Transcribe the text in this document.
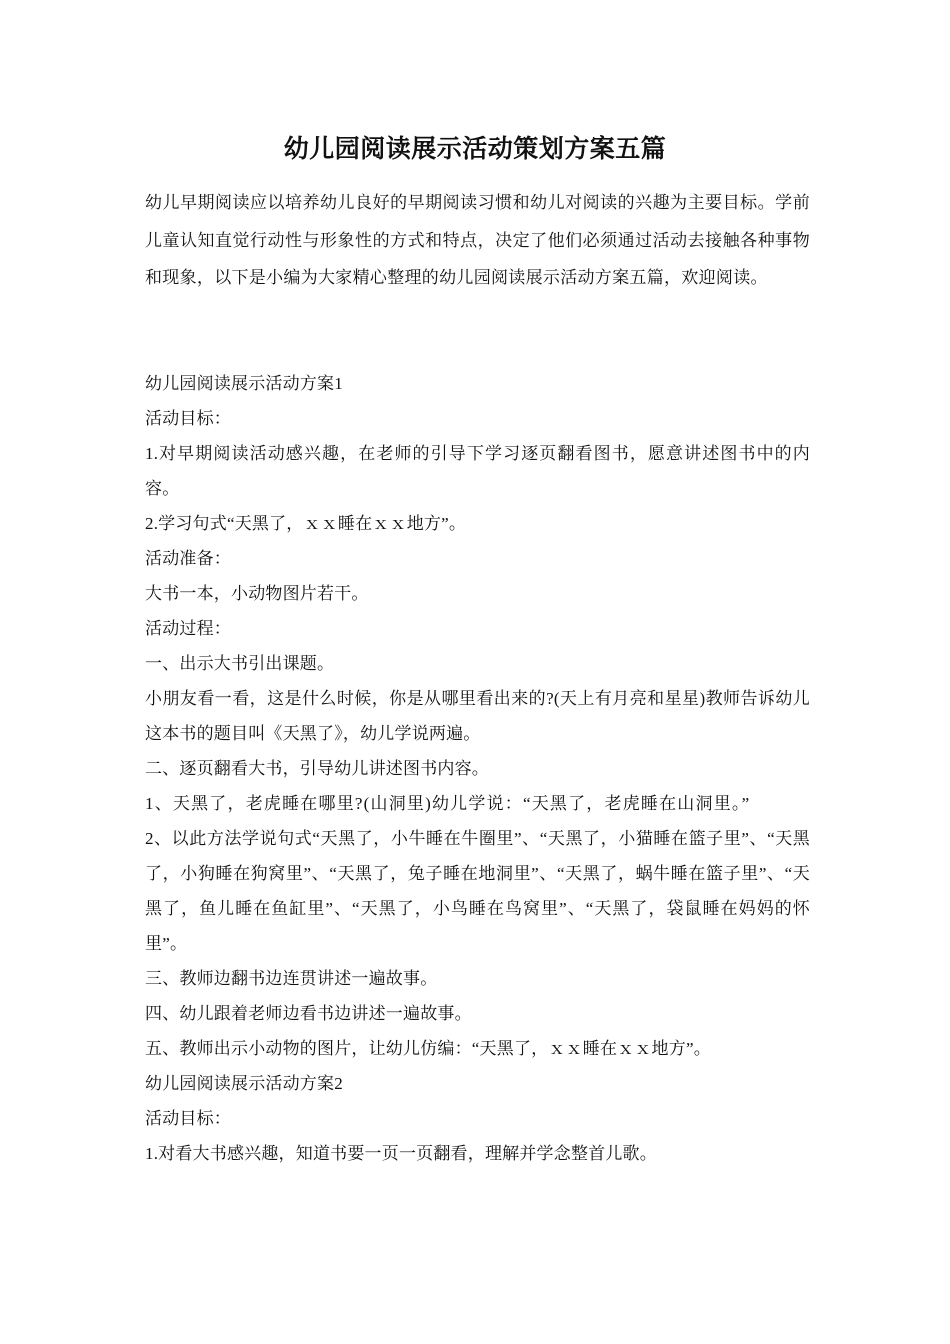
幼儿园阅读展示活动策划方案五篇

幼儿早期阅读应以培养幼儿良好的早期阅读习惯和幼儿对阅读的兴趣为主要目标。学前儿童认知直觉行动性与形象性的方式和特点，决定了他们必须通过活动去接触各种事物和现象，以下是小编为大家精心整理的幼儿园阅读展示活动方案五篇，欢迎阅读。

幼儿园阅读展示活动方案1

活动目标：

1.对早期阅读活动感兴趣，在老师的引导下学习逐页翻看图书，愿意讲述图书中的内容。

2.学习句式“天黑了，ｘｘ睡在ｘｘ地方”。

活动准备：

大书一本，小动物图片若干。

活动过程：

一、出示大书引出课题。

小朋友看一看，这是什么时候，你是从哪里看出来的?(天上有月亮和星星)教师告诉幼儿这本书的题目叫《天黑了》，幼儿学说两遍。

二、逐页翻看大书，引导幼儿讲述图书内容。

1、天黑了，老虎睡在哪里?(山洞里)幼儿学说：“天黑了，老虎睡在山洞里。”

2、以此方法学说句式“天黑了，小牛睡在牛圈里”、“天黑了，小猫睡在篮子里”、“天黑了，小狗睡在狗窝里”、“天黑了，兔子睡在地洞里”、“天黑了，蜗牛睡在篮子里”、“天黑了，鱼儿睡在鱼缸里”、“天黑了，小鸟睡在鸟窝里”、“天黑了，袋鼠睡在妈妈的怀里”。

三、教师边翻书边连贯讲述一遍故事。

四、幼儿跟着老师边看书边讲述一遍故事。

五、教师出示小动物的图片，让幼儿仿编：“天黑了，ｘｘ睡在ｘｘ地方”。

幼儿园阅读展示活动方案2

活动目标：

1.对看大书感兴趣，知道书要一页一页翻看，理解并学念整首儿歌。
